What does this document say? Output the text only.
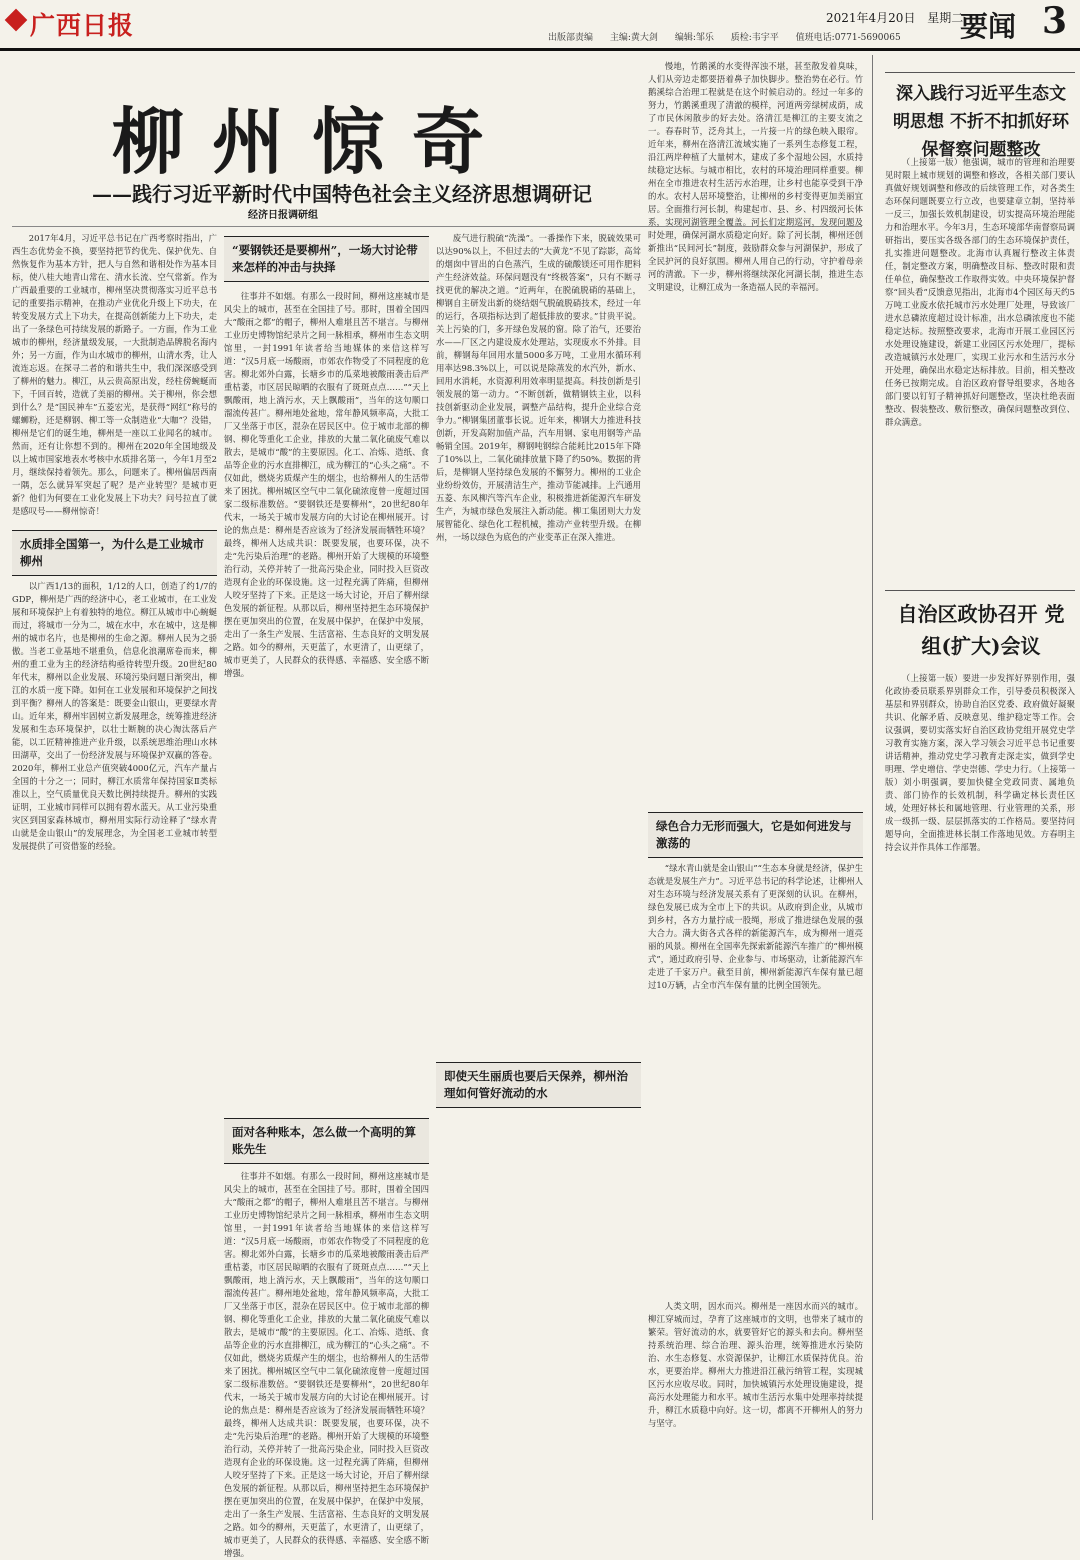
广西日报	出版部责编 主编:黄大剑 编辑:邹乐 质检:韦宇平 值班电话:0771-5690065
2021年4月20日 星期二
要闻 3
柳州惊奇
——践行习近平新时代中国特色社会主义经济思想调研记
经济日报调研组

2017年4月，习近平总书记在广西考察时指出，广西生态优势金不换，要坚持把节约优先、保护优先、自然恢复作为基本方针，把人与自然和谐相处作为基本目标，使八桂大地青山常在、清水长流、空气常新。作为广西最重要的工业城市，柳州坚决贯彻落实习近平总书记的重要指示精神，在推动产业优化升级上下功夫，在转变发展方式上下功夫，在提高创新能力上下功夫，走出了一条绿色可持续发展的新路子。一方面，作为工业城市的柳州，经济量级发展，一大批制造品牌脱名海内外；另一方面，作为山水城市的柳州，山清水秀，让人流连忘返。在探寻二者的和谐共生中，我们深深感受到了柳州的魅力。柳江，从云贵高原出发，经柱傍蜿蜒而下，千回百转，造就了美丽的柳州。关于柳州，你会想到什么？是“国民神车”五菱宏光，是获得“网红”称号的螺蛳粉，还是柳钢、柳工等一众制造业“大咖”？没错，柳州是它们的诞生地，柳州是一座以工业闻名的城市。然而，还有让你想不到的。柳州在2020年全国地级及以上城市国家地表水考核中水质排名第一，今年1月至2月，继续保持着领先。那么，问题来了。柳州偏居西南一隅，怎么就异军突起了呢？是产业转型？是城市更新？他们为何要在工业化发展上下功夫？问号拉直了就是感叹号——柳州惊奇！

水质排全国第一，为什么是工业城市柳州

以广西1/13的面积，1/12的人口，创造了约1/7的GDP，柳州是广西的经济中心，老工业城市，在工业发展和环境保护上有着独特的地位。柳江从城市中心蜿蜒而过，将城市一分为二，城在水中，水在城中，这是柳州的城市名片，也是柳州的生命之源。柳州人民为之骄傲。当老工业基地不堪重负，信息化浪潮席卷而来，柳州的重工业为主的经济结构亟待转型升级。20世纪80年代末，柳州以企业发展、环境污染问题日渐突出，柳江的水质一度下降。如何在工业发展和环境保护之间找到平衡？柳州人的答案是：既要金山银山，更要绿水青山。近年来，柳州牢固树立新发展理念，统筹推进经济发展和生态环境保护，以壮士断腕的决心淘汰落后产能，以工匠精神推进产业升级，以系统思维治理山水林田湖草，交出了一份经济发展与环境保护双赢的答卷。2020年，柳州工业总产值突破4000亿元，汽车产量占全国的十分之一；同时，柳江水质常年保持国家Ⅱ类标准以上，空气质量优良天数比例持续提升。柳州的实践证明，工业城市同样可以拥有碧水蓝天。从工业污染重灾区到国家森林城市，柳州用实际行动诠释了“绿水青山就是金山银山”的发展理念，为全国老工业城市转型发展提供了可资借鉴的经验。

“要钢铁还是要柳州”，一场大讨论带来怎样的冲击与抉择

往事并不如烟。有那么一段时间，柳州这座城市是风尖上的城市，甚至在全国挂了号。那时，围着全国四大“酸雨之都”的帽子，柳州人难堪且苦不堪言。与柳州工业历史博物馆纪录片之间一脉相承，柳州市生态文明馆里，一封1991年读者给当地媒体的来信这样写道：“汉5月底一场酸雨，市郊农作物受了不同程度的危害。柳北郊外白露，长塘乡市的瓜菜地被酸雨袭击后严重枯萎，市区居民晾晒的衣服有了斑斑点点……”“天上飘酸雨，地上淌污水，天上飘酸雨”，当年的这句顺口溜流传甚广。柳州地处盆地，常年静风频率高，大批工厂又坐落于市区，混杂在居民区中。位于城市北部的柳钢、柳化等重化工企业，排放的大量二氧化硫废气难以散去，是城市“酸”的主要原因。化工、冶炼、造纸、食品等企业的污水直排柳江，成为柳江的“心头之痛”。不仅如此，燃烧劣质煤产生的烟尘，也给柳州人的生活带来了困扰。柳州城区空气中二氧化硫浓度曾一度超过国家二级标准数倍。“要钢铁还是要柳州”，20世纪80年代末，一场关于城市发展方向的大讨论在柳州展开。讨论的焦点是：柳州是否应该为了经济发展而牺牲环境？最终，柳州人达成共识：既要发展，也要环保，决不走“先污染后治理”的老路。柳州开始了大规模的环境整治行动，关停并转了一批高污染企业，同时投入巨资改造现有企业的环保设施。这一过程充满了阵痛，但柳州人咬牙坚持了下来。正是这一场大讨论，开启了柳州绿色发展的新征程。从那以后，柳州坚持把生态环境保护摆在更加突出的位置，在发展中保护，在保护中发展，走出了一条生产发展、生活富裕、生态良好的文明发展之路。如今的柳州，天更蓝了，水更清了，山更绿了，城市更美了，人民群众的获得感、幸福感、安全感不断增强。

面对各种账本，怎么做一个高明的算账先生

往事并不如烟。有那么一段时间，柳州这座城市是风尖上的城市，甚至在全国挂了号。那时，围着全国四大“酸雨之都”的帽子，柳州人难堪且苦不堪言。与柳州工业历史博物馆纪录片之间一脉相承，柳州市生态文明馆里，一封1991年读者给当地媒体的来信这样写道：“汉5月底一场酸雨，市郊农作物受了不同程度的危害。柳北郊外白露，长塘乡市的瓜菜地被酸雨袭击后严重枯萎，市区居民晾晒的衣服有了斑斑点点……”“天上飘酸雨，地上淌污水，天上飘酸雨”，当年的这句顺口溜流传甚广。柳州地处盆地，常年静风频率高，大批工厂又坐落于市区，混杂在居民区中。位于城市北部的柳钢、柳化等重化工企业，排放的大量二氧化硫废气难以散去，是城市“酸”的主要原因。化工、冶炼、造纸、食品等企业的污水直排柳江，成为柳江的“心头之痛”。不仅如此，燃烧劣质煤产生的烟尘，也给柳州人的生活带来了困扰。柳州城区空气中二氧化硫浓度曾一度超过国家二级标准数倍。“要钢铁还是要柳州”，20世纪80年代末，一场关于城市发展方向的大讨论在柳州展开。讨论的焦点是：柳州是否应该为了经济发展而牺牲环境？最终，柳州人达成共识：既要发展，也要环保，决不走“先污染后治理”的老路。柳州开始了大规模的环境整治行动，关停并转了一批高污染企业，同时投入巨资改造现有企业的环保设施。这一过程充满了阵痛，但柳州人咬牙坚持了下来。正是这一场大讨论，开启了柳州绿色发展的新征程。从那以后，柳州坚持把生态环境保护摆在更加突出的位置，在发展中保护，在保护中发展，走出了一条生产发展、生活富裕、生态良好的文明发展之路。如今的柳州，天更蓝了，水更清了，山更绿了，城市更美了，人民群众的获得感、幸福感、安全感不断增强。

废气进行脱硫“洗澡”。一番操作下来，脱硫效果可以达90%以上，不但过去的“大黄龙”不见了踪影，高耸的烟囱中冒出的白色蒸汽，生成的硫酸镁还可用作肥料产生经济效益。环保问题没有“终极答案”，只有不断寻找更优的解决之道。“近两年，在脱硫脱硝的基础上，柳钢自主研发出新的烧结烟气脱硫脱硝技术，经过一年的运行，各项指标达到了超低排放的要求。”甘贵平说。关上污染的门，多开绿色发展的窗。除了治气，还要治水——厂区之内建设废水处理站，实现废水不外排。目前，柳钢每年回用水量5000多万吨，工业用水循环利用率达98.3%以上，可以说是除蒸发的水汽外，新水、回用水消耗，水资源利用效率明显提高。科技创新是引领发展的第一动力。“不断创新，做精钢铁主业，以科技创新驱动企业发展，调整产品结构，提升企业综合竞争力。”柳钢集团董事长说。近年来，柳钢大力推进科技创新，开发高附加值产品，汽车用钢、家电用钢等产品畅销全国。2019年，柳钢吨钢综合能耗比2015年下降了10%以上，二氧化硫排放量下降了约50%。数据的背后，是柳钢人坚持绿色发展的不懈努力。柳州的工业企业纷纷效仿，开展清洁生产，推动节能减排。上汽通用五菱、东风柳汽等汽车企业，积极推进新能源汽车研发生产，为城市绿色发展注入新动能。柳工集团则大力发展智能化、绿色化工程机械，推动产业转型升级。在柳州，一场以绿色为底色的产业变革正在深入推进。

慢地，竹鹅溪的水变得浑浊不堪，甚至散发着臭味，人们从旁边走都要捂着鼻子加快脚步。整治势在必行。竹鹅溪综合治理工程就是在这个时候启动的。经过一年多的努力，竹鹅溪重现了清澈的模样，河道两旁绿树成荫，成了市民休闲散步的好去处。洛清江是柳江的主要支流之一。春春时节，泛舟其上，一片接一片的绿色映入眼帘。近年来，柳州在洛清江流域实施了一系列生态修复工程，沿江两岸种植了大量树木，建成了多个湿地公园，水质持续稳定达标。与城市相比，农村的环境治理同样重要。柳州在全市推进农村生活污水治理，让乡村也能享受到干净的水。农村人居环境整治，让柳州的乡村变得更加美丽宜居。全面推行河长制，构建起市、县、乡、村四级河长体系，实现河湖管理全覆盖。河长们定期巡河，发现问题及时处理，确保河湖水质稳定向好。除了河长制，柳州还创新推出“民间河长”制度，鼓励群众参与河湖保护，形成了全民护河的良好氛围。柳州人用自己的行动，守护着母亲河的清澈。下一步，柳州将继续深化河湖长制，推进生态文明建设，让柳江成为一条造福人民的幸福河。

绿色合力无形而强大，它是如何进发与激荡的

“绿水青山就是金山银山”“生态本身就是经济，保护生态就是发展生产力”。习近平总书记的科学论述，让柳州人对生态环境与经济发展关系有了更深刻的认识。在柳州，绿色发展已成为全市上下的共识。从政府到企业，从城市到乡村，各方力量拧成一股绳，形成了推进绿色发展的强大合力。满大街各式各样的新能源汽车，成为柳州一道亮丽的风景。柳州在全国率先探索新能源汽车推广的“柳州模式”，通过政府引导、企业参与、市场驱动，让新能源汽车走进了千家万户。截至目前，柳州新能源汽车保有量已超过10万辆，占全市汽车保有量的比例全国领先。

即使天生丽质也要后天保养，柳州治理如何管好流动的水

人类文明，因水而兴。柳州是一座因水而兴的城市。柳江穿城而过，孕育了这座城市的文明，也带来了城市的繁荣。管好流动的水，就要管好它的源头和去向。柳州坚持系统治理、综合治理、源头治理，统筹推进水污染防治、水生态修复、水资源保护，让柳江水质保持优良。治水，更要治岸。柳州大力推进沿江截污纳管工程，实现城区污水应收尽收。同时，加快城镇污水处理设施建设，提高污水处理能力和水平。城市生活污水集中处理率持续提升，柳江水质稳中向好。这一切，都离不开柳州人的努力与坚守。

深入践行习近平生态文明思想 不折不扣抓好环保督察问题整改

（上接第一版）他强调，城市的管理和治理要见时限上城市规划的调整和修改，各相关部门要认真做好规划调整和修改的后续管理工作，对各类生态环保问题既要立行立改，也要建章立制，坚持举一反三，加强长效机制建设，切实提高环境治理能力和治理水平。今年3月，生态环境部华南督察局调研指出，要压实各级各部门的生态环境保护责任，扎实推进问题整改。北海市认真履行整改主体责任，制定整改方案，明确整改目标、整改时限和责任单位，确保整改工作取得实效。中央环境保护督察“回头看”反馈意见指出，北海市4个园区每天约5万吨工业废水依托城市污水处理厂处理，导致该厂进水总磷浓度超过设计标准，出水总磷浓度也不能稳定达标。按照整改要求，北海市开展工业园区污水处理设施建设，新建工业园区污水处理厂，提标改造城镇污水处理厂，实现工业污水和生活污水分开处理，确保出水稳定达标排放。目前，相关整改任务已按期完成。自治区政府督导组要求，各地各部门要以钉钉子精神抓好问题整改，坚决杜绝表面整改、假装整改、敷衍整改，确保问题整改到位、群众满意。

自治区政协召开 党组(扩大)会议

（上接第一版）要进一步发挥好界别作用，强化政协委员联系界别群众工作，引导委员积极深入基层和界别群众，协助自治区党委、政府做好凝聚共识、化解矛盾、反映意见、维护稳定等工作。会议强调，要切实落实好自治区政协党组开展党史学习教育实施方案，深入学习领会习近平总书记重要讲话精神，推动党史学习教育走深走实，做到学史明理、学史增信、学史崇德、学史力行。（上接第一版）刘小明强调，要加快健全党政同责、属地负责、部门协作的长效机制，科学确定林长责任区域，处理好林长和属地管理、行业管理的关系，形成一级抓一级、层层抓落实的工作格局。要坚持问题导向，全面推进林长制工作落地见效。方春明主持会议并作具体工作部署。
